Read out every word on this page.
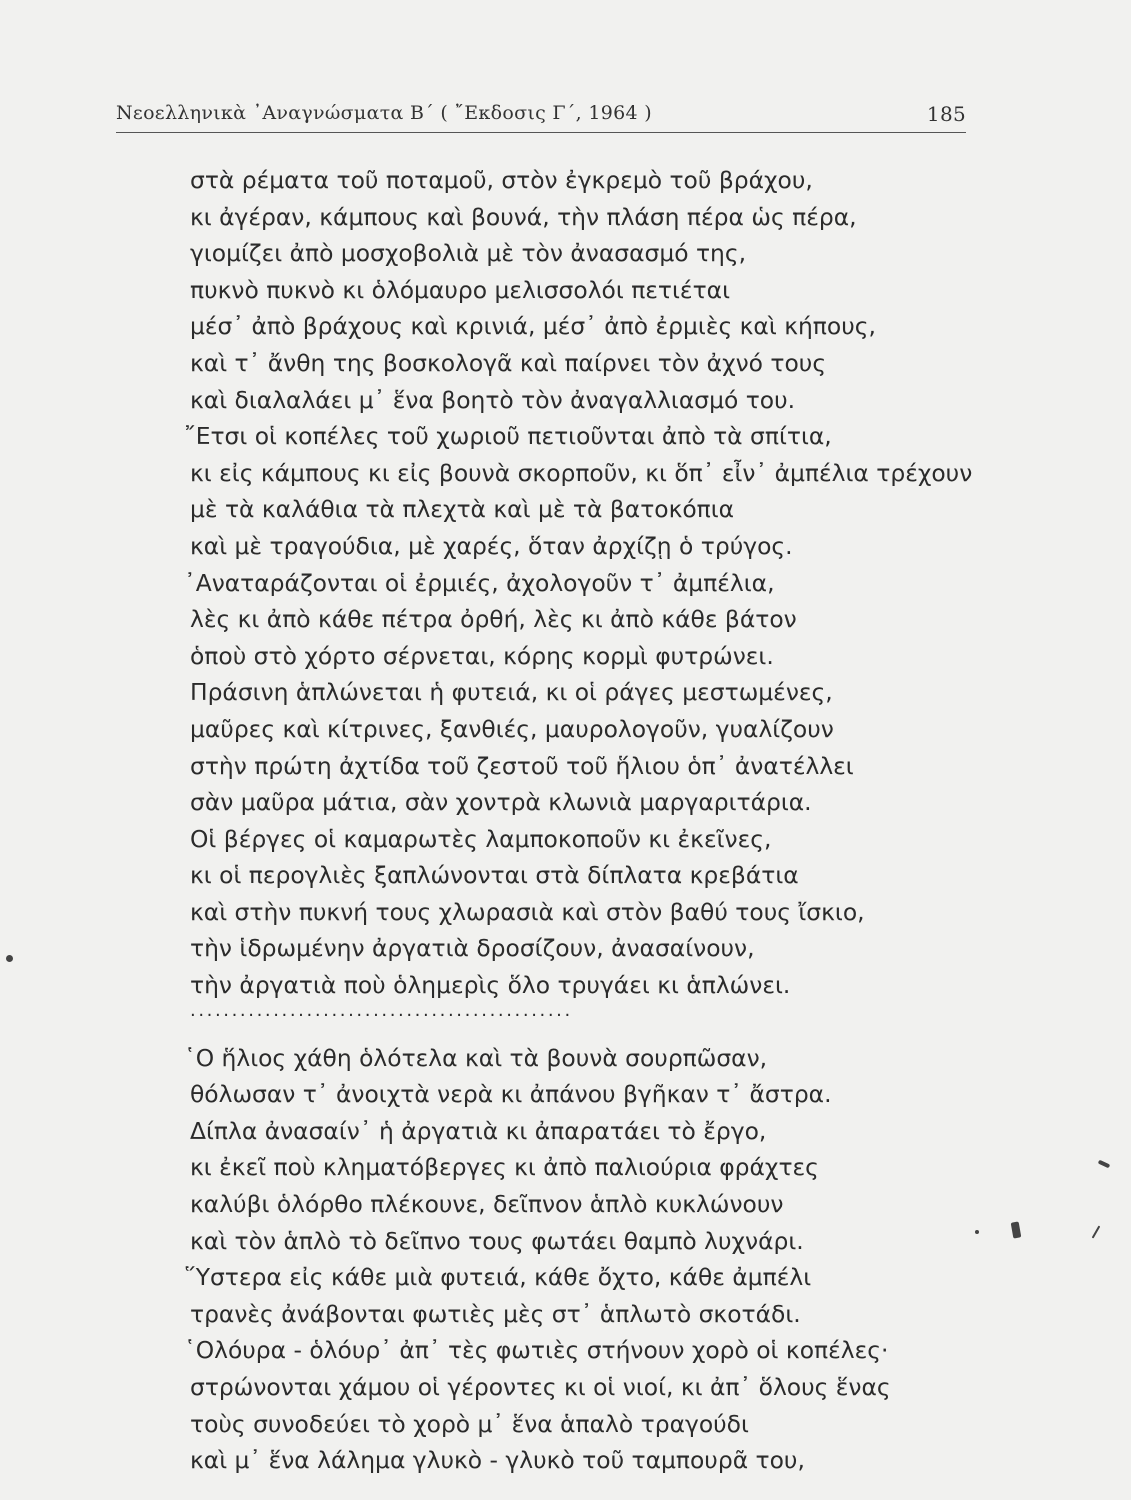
Νεοελληνικὰ ᾿Αναγνώσματα Β΄ ( ῎Εκδοσις Γ΄, 1964 )	185
στὰ ρέματα τοῦ ποταμοῦ, στὸν ἐγκρεμὸ τοῦ βράχου,
κι ἀγέραν, κάμπους καὶ βουνά, τὴν πλάση πέρα ὡς πέρα,
γιομίζει ἀπὸ μοσχοβολιὰ μὲ τὸν ἀνασασμό της,
πυκνὸ πυκνὸ κι ὁλόμαυρο μελισσολόι πετιέται
μέσ᾿ ἀπὸ βράχους καὶ κρινιά, μέσ᾿ ἀπὸ ἐρμιὲς καὶ κήπους,
καὶ τ᾿ ἄνθη της βοσκολογᾶ καὶ παίρνει τὸν ἀχνό τους
καὶ διαλαλάει μ᾿ ἕνα βοητὸ τὸν ἀναγαλλιασμό του.
῎Ετσι οἱ κοπέλες τοῦ χωριοῦ πετιοῦνται ἀπὸ τὰ σπίτια,
κι εἰς κάμπους κι εἰς βουνὰ σκορποῦν, κι ὅπ᾿ εἶν᾿ ἀμπέλια τρέχουν
μὲ τὰ καλάθια τὰ πλεχτὰ καὶ μὲ τὰ βατοκόπια
καὶ μὲ τραγούδια, μὲ χαρές, ὅταν ἀρχίζῃ ὁ τρύγος.
᾿Αναταράζονται οἱ ἐρμιές, ἀχολογοῦν τ᾿ ἀμπέλια,
λὲς κι ἀπὸ κάθε πέτρα ὀρθή, λὲς κι ἀπὸ κάθε βάτον
ὁποὺ στὸ χόρτο σέρνεται, κόρης κορμὶ φυτρώνει.
Πράσινη ἁπλώνεται ἡ φυτειά, κι οἱ ράγες μεστωμένες,
μαῦρες καὶ κίτρινες, ξανθιές, μαυρολογοῦν, γυαλίζουν
στὴν πρώτη ἀχτίδα τοῦ ζεστοῦ τοῦ ἥλιου ὁπ᾿ ἀνατέλλει
σὰν μαῦρα μάτια, σὰν χοντρὰ κλωνιὰ μαργαριτάρια.
Οἱ βέργες οἱ καμαρωτὲς λαμποκοποῦν κι ἐκεῖνες,
κι οἱ περογλιὲς ξαπλώνονται στὰ δίπλατα κρεβάτια
καὶ στὴν πυκνή τους χλωρασιὰ καὶ στὸν βαθύ τους ἴσκιο,
τὴν ἱδρωμένην ἀργατιὰ δροσίζουν, ἀνασαίνουν,
τὴν ἀργατιὰ ποὺ ὁλημερὶς ὅλο τρυγάει κι ἁπλώνει.
..............................................
῾Ο ἥλιος χάθη ὁλότελα καὶ τὰ βουνὰ σουρπῶσαν,
θόλωσαν τ᾿ ἀνοιχτὰ νερὰ κι ἀπάνου βγῆκαν τ᾿ ἄστρα.
Δίπλα ἀνασαίν᾿ ἡ ἀργατιὰ κι ἀπαρατάει τὸ ἔργο,
κι ἐκεῖ ποὺ κληματόβεργες κι ἀπὸ παλιούρια φράχτες
καλύβι ὁλόρθο πλέκουνε, δεῖπνον ἁπλὸ κυκλώνουν
καὶ τὸν ἁπλὸ τὸ δεῖπνο τους φωτάει θαμπὸ λυχνάρι.
῞Υστερα εἰς κάθε μιὰ φυτειά, κάθε ὄχτο, κάθε ἀμπέλι
τρανὲς ἀνάβονται φωτιὲς μὲς στ᾿ ἁπλωτὸ σκοτάδι.
῾Ολόυρα - ὁλόυρ᾿ ἀπ᾿ τὲς φωτιὲς στήνουν χορὸ οἱ κοπέλες·
στρώνονται χάμου οἱ γέροντες κι οἱ νιοί, κι ἀπ᾿ ὅλους ἕνας
τοὺς συνοδεύει τὸ χορὸ μ᾿ ἕνα ἁπαλὸ τραγούδι
καὶ μ᾿ ἕνα λάλημα γλυκὸ - γλυκὸ τοῦ ταμπουρᾶ του,
